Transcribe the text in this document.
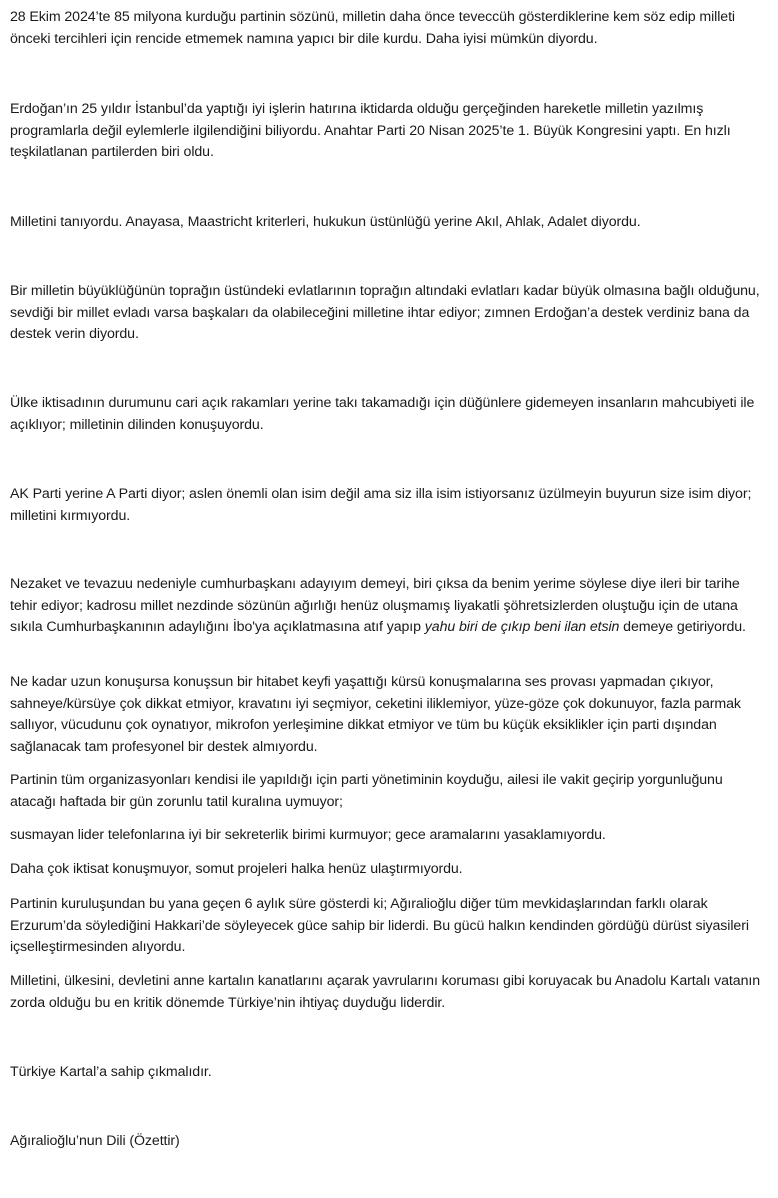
28 Ekim 2024’te 85 milyona kurduğu partinin sözünü, milletin daha önce teveccüh gösterdiklerine kem söz edip milleti önceki tercihleri için rencide etmemek namına yapıcı bir dile kurdu. Daha iyisi mümkün diyordu.

Erdoğan’ın 25 yıldır İstanbul’da yaptığı iyi işlerin hatırına iktidarda olduğu gerçeğinden hareketle milletin yazılmış programlarla değil eylemlerle ilgilendiğini biliyordu. Anahtar Parti 20 Nisan 2025’te 1. Büyük Kongresini yaptı. En hızlı teşkilatlanan partilerden biri oldu.

Milletini tanıyordu. Anayasa, Maastricht kriterleri, hukukun üstünlüğü yerine Akıl, Ahlak, Adalet diyordu.

Bir milletin büyüklüğünün toprağın üstündeki evlatlarının toprağın altındaki evlatları kadar büyük olmasına bağlı olduğunu, sevdiği bir millet evladı varsa başkaları da olabileceğini milletine ihtar ediyor; zımnen Erdoğan’a destek verdiniz bana da destek verin diyordu.

Ülke iktisadının durumunu cari açık rakamları yerine takı takamadığı için düğünlere gidemeyen insanların mahcubiyeti ile açıklıyor; milletinin dilinden konuşuyordu.

AK Parti yerine A Parti diyor; aslen önemli olan isim değil ama siz illa isim istiyorsanız üzülmeyin buyurun size isim diyor; milletini kırmıyordu.

Nezaket ve tevazuu nedeniyle cumhurbaşkanı adayıyım demeyi, biri çıksa da benim yerime söylese diye ileri bir tarihe tehir ediyor; kadrosu millet nezdinde sözünün ağırlığı henüz oluşmamış liyakatli şöhretsizlerden oluştuğu için de utana sıkıla Cumhurbaşkanının adaylığını İbo'ya açıklatmasına atıf yapıp yahu biri de çıkıp beni ilan etsin demeye getiriyordu.

Ne kadar uzun konuşursa konuşsun bir hitabet keyfi yaşattığı kürsü konuşmalarına ses provası yapmadan çıkıyor, sahneye/kürsüye çok dikkat etmiyor, kravatını iyi seçmiyor, ceketini iliklemiyor, yüze-göze çok dokunuyor, fazla parmak sallıyor, vücudunu çok oynatıyor, mikrofon yerleşimine dikkat etmiyor ve tüm bu küçük eksiklikler için parti dışından sağlanacak tam profesyonel bir destek almıyordu.

Partinin tüm organizasyonları kendisi ile yapıldığı için parti yönetiminin koyduğu, ailesi ile vakit geçirip yorgunluğunu atacağı haftada bir gün zorunlu tatil kuralına uymuyor;

susmayan lider telefonlarına iyi bir sekreterlik birimi kurmuyor; gece aramalarını yasaklamıyordu.

Daha çok iktisat konuşmuyor, somut projeleri halka henüz ulaştırmıyordu.

Partinin kuruluşundan bu yana geçen 6 aylık süre gösterdi ki; Ağıralioğlu diğer tüm mevkidaşlarından farklı olarak Erzurum’da söylediğini Hakkari’de söyleyecek güce sahip bir liderdi. Bu gücü halkın kendinden gördüğü dürüst siyasileri içselleştirmesinden alıyordu.

Milletini, ülkesini, devletini anne kartalın kanatlarını açarak yavrularını koruması gibi koruyacak bu Anadolu Kartalı vatanın zorda olduğu bu en kritik dönemde Türkiye’nin ihtiyaç duyduğu liderdir.

Türkiye Kartal’a sahip çıkmalıdır.

Ağıralioğlu’nun Dili (Özettir)
